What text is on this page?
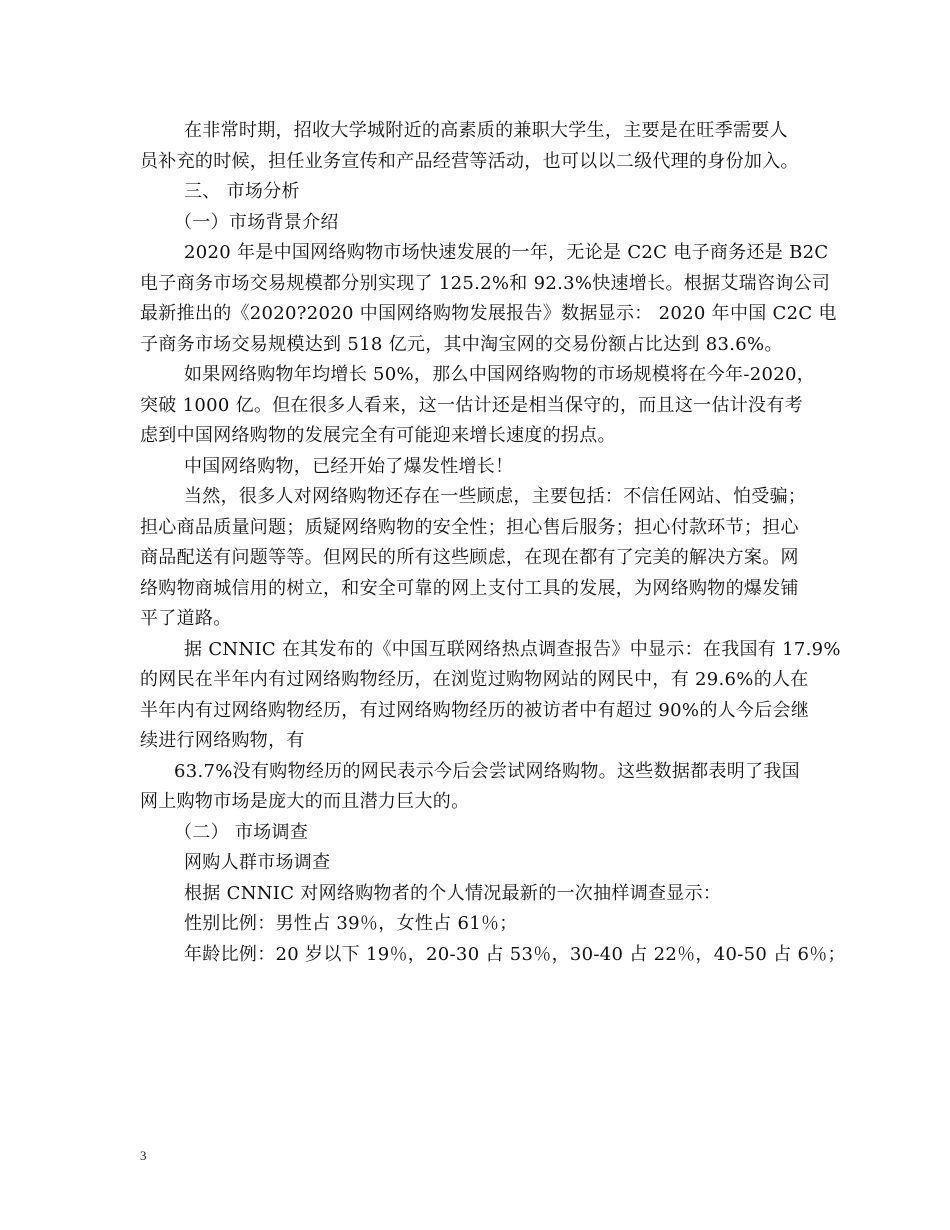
在非常时期，招收大学城附近的高素质的兼职大学生，主要是在旺季需要人
员补充的时候，担任业务宣传和产品经营等活动，也可以以二级代理的身份加入。
三、 市场分析
（一）市场背景介绍
2020 年是中国网络购物市场快速发展的一年，无论是 C2C 电子商务还是 B2C
电子商务市场交易规模都分别实现了 125.2%和 92.3%快速增长。根据艾瑞咨询公司
最新推出的《2020?2020 中国网络购物发展报告》数据显示： 2020 年中国 C2C 电
子商务市场交易规模达到 518 亿元，其中淘宝网的交易份额占比达到 83.6%。
如果网络购物年均增长 50%，那么中国网络购物的市场规模将在今年-2020，
突破 1000 亿。但在很多人看来，这一估计还是相当保守的，而且这一估计没有考
虑到中国网络购物的发展完全有可能迎来增长速度的拐点。
中国网络购物，已经开始了爆发性增长！
当然，很多人对网络购物还存在一些顾虑，主要包括：不信任网站、怕受骗；
担心商品质量问题；质疑网络购物的安全性；担心售后服务；担心付款环节；担心
商品配送有问题等等。但网民的所有这些顾虑，在现在都有了完美的解决方案。网
络购物商城信用的树立，和安全可靠的网上支付工具的发展，为网络购物的爆发铺
平了道路。
据 CNNIC 在其发布的《中国互联网络热点调查报告》中显示：在我国有 17.9%
的网民在半年内有过网络购物经历，在浏览过购物网站的网民中，有 29.6%的人在
半年内有过网络购物经历，有过网络购物经历的被访者中有超过 90%的人今后会继
续进行网络购物，有
63.7%没有购物经历的网民表示今后会尝试网络购物。这些数据都表明了我国
网上购物市场是庞大的而且潜力巨大的。
（二） 市场调查
网购人群市场调查
根据 CNNIC 对网络购物者的个人情况最新的一次抽样调查显示：
性别比例：男性占 39％，女性占 61％；
年龄比例：20 岁以下 19％，20-30 占 53％，30-40 占 22％，40-50 占 6％；
3
